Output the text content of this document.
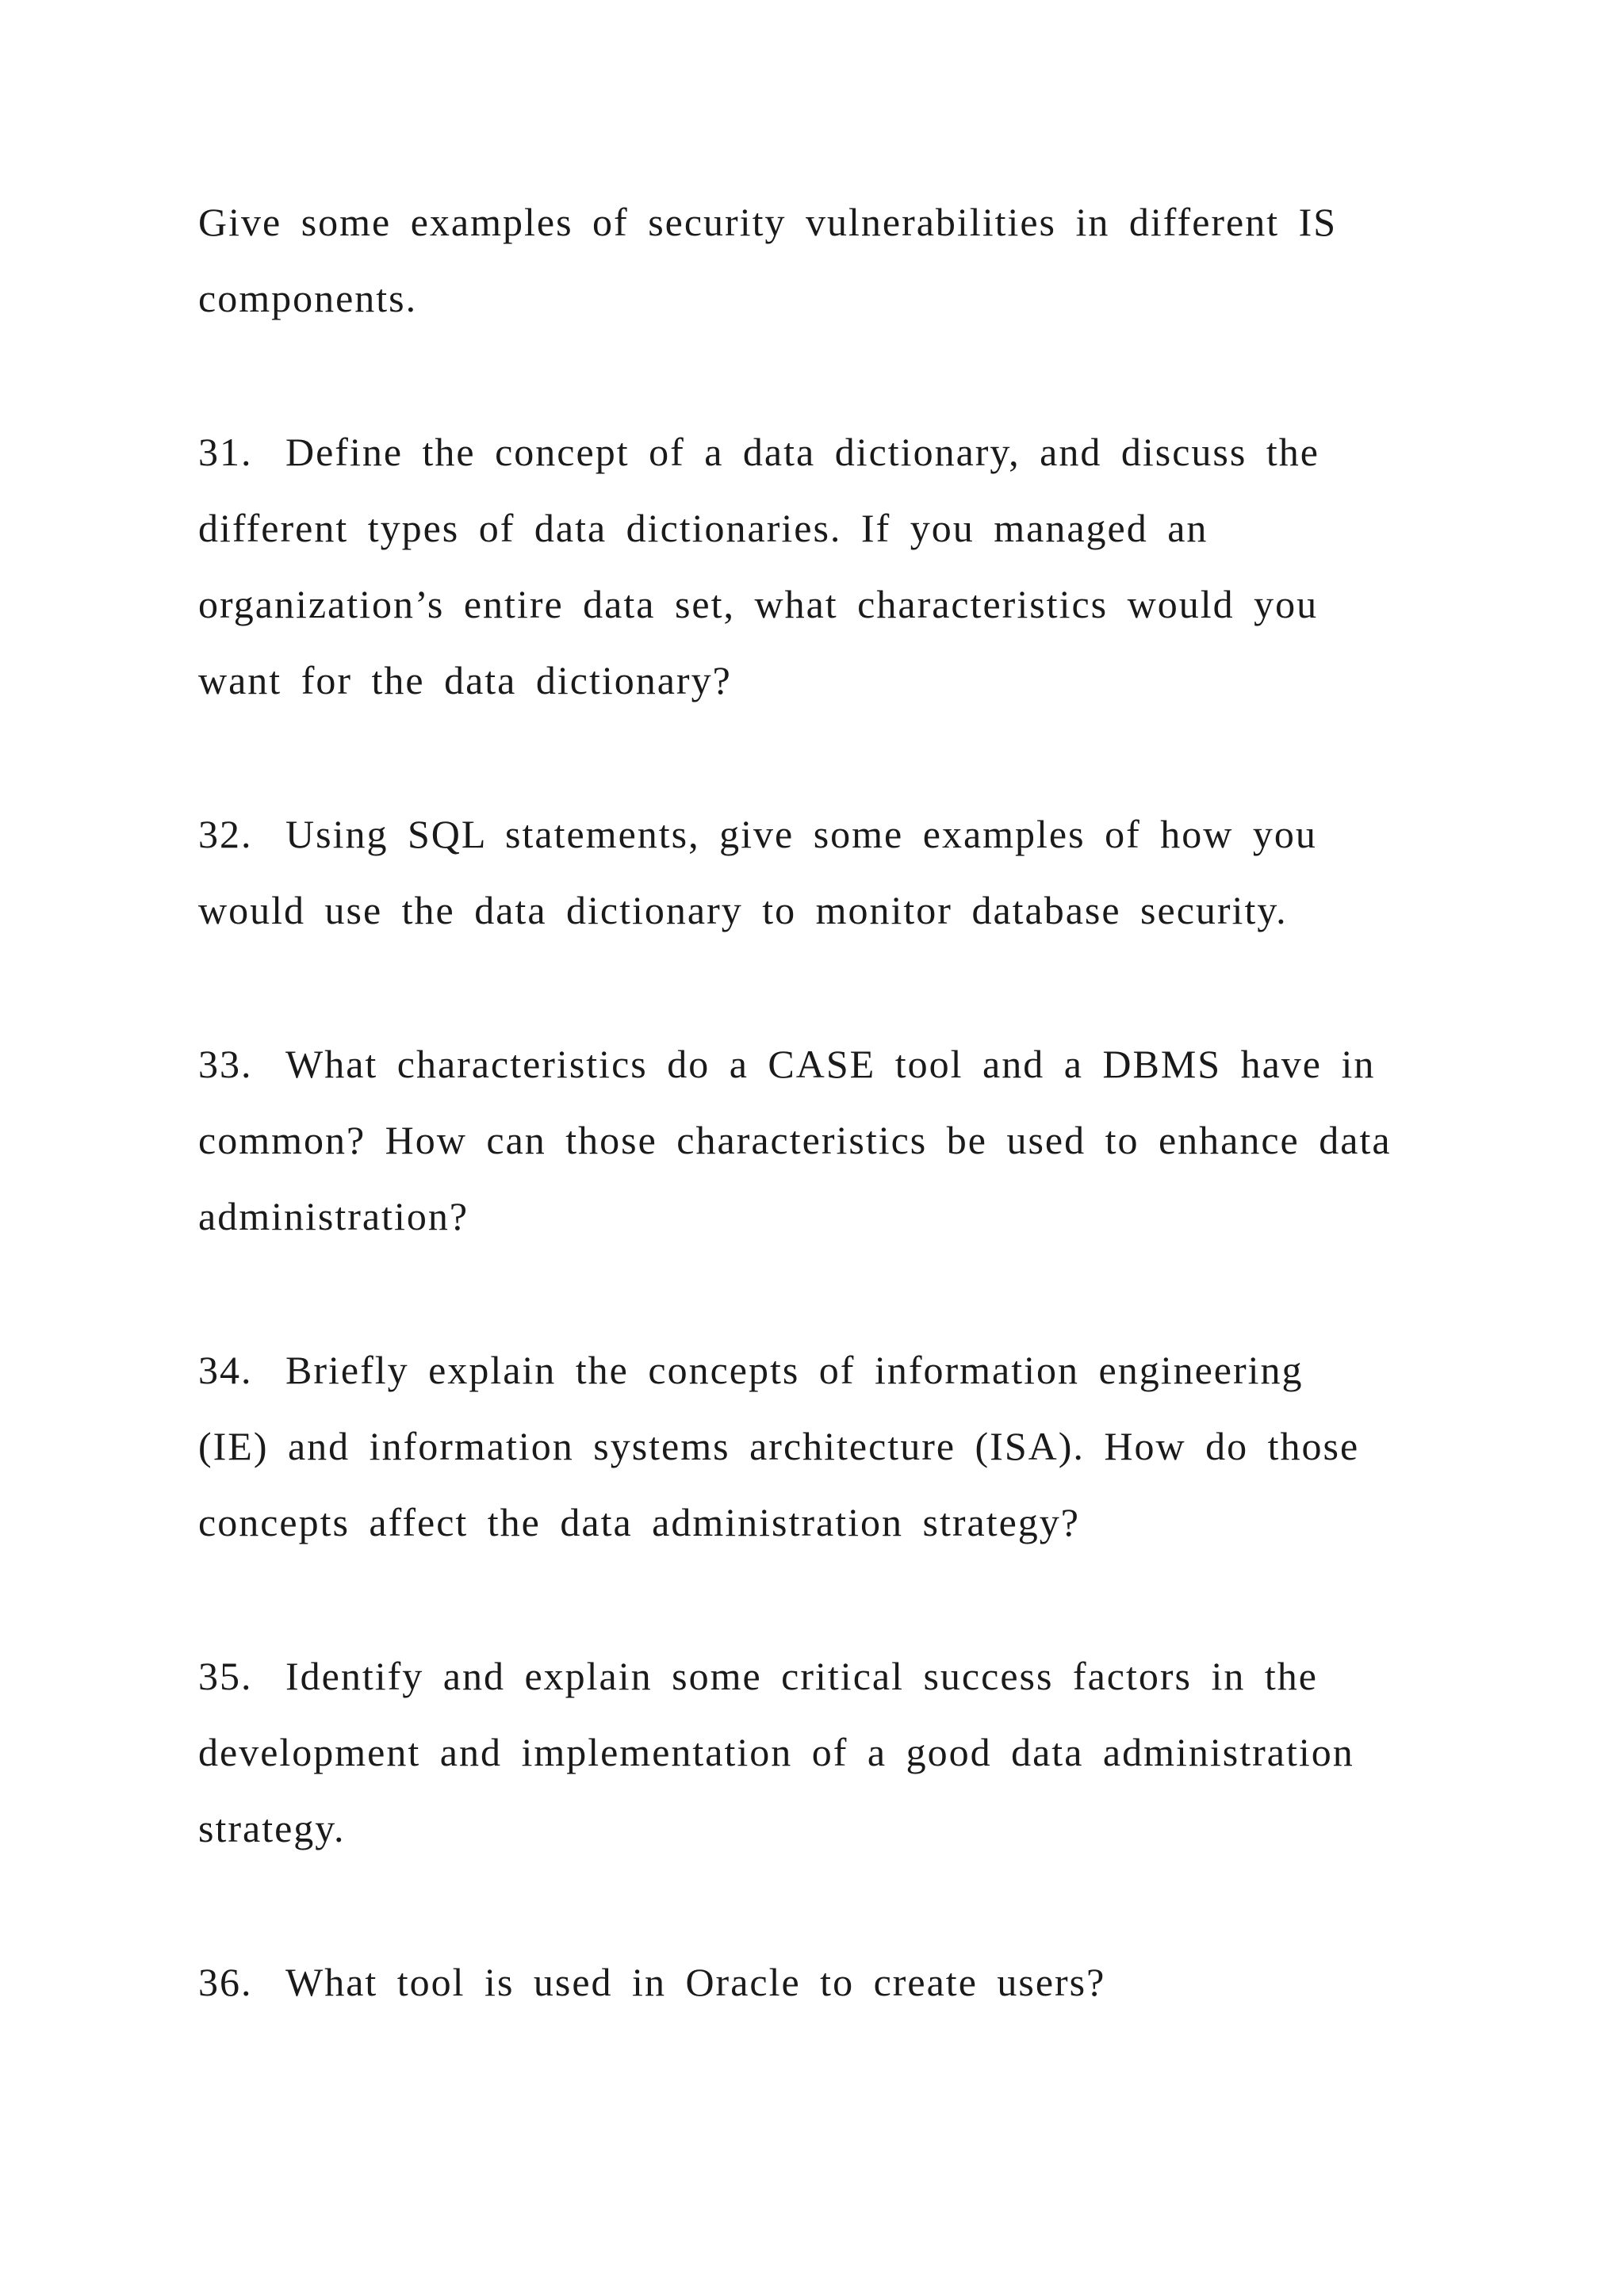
Give some examples of security vulnerabilities in different IS
components.
31. Define the concept of a data dictionary, and discuss the
different types of data dictionaries. If you managed an
organization’s entire data set, what characteristics would you
want for the data dictionary?
32. Using SQL statements, give some examples of how you
would use the data dictionary to monitor database security.
33. What characteristics do a CASE tool and a DBMS have in
common? How can those characteristics be used to enhance data
administration?
34. Briefly explain the concepts of information engineering
(IE) and information systems architecture (ISA). How do those
concepts affect the data administration strategy?
35. Identify and explain some critical success factors in the
development and implementation of a good data administration
strategy.
36. What tool is used in Oracle to create users?
